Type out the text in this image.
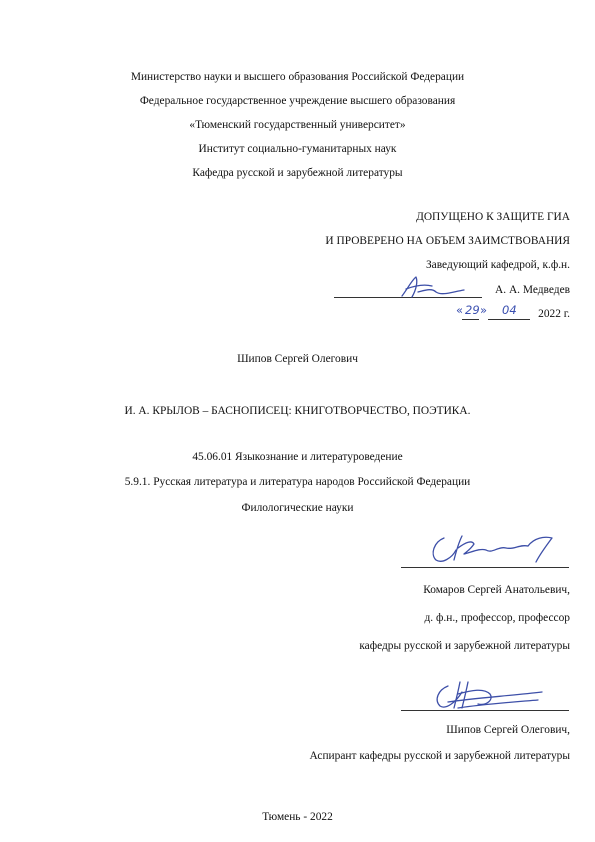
Министерство науки и высшего образования Российской Федерации
Федеральное государственное учреждение высшего образования
«Тюменский государственный университет»
Институт социально-гуманитарных наук
Кафедра русской и зарубежной литературы
ДОПУЩЕНО К ЗАЩИТЕ ГИА
И ПРОВЕРЕНО НА ОБЪЕМ ЗАИМСТВОВАНИЯ
Заведующий кафедрой, к.ф.н.
А. А. Медведев
« 29 » 04 2022 г.
Шипов Сергей Олегович
И. А. КРЫЛОВ – БАСНОПИСЕЦ: КНИГОТВОРЧЕСТВО, ПОЭТИКА.
45.06.01 Языкознание и литературоведение
5.9.1. Русская литература и литература народов Российской Федерации
Филологические науки
Комаров Сергей Анатольевич,
д. ф.н., профессор, профессор
кафедры русской и зарубежной литературы
Шипов Сергей Олегович,
Аспирант кафедры русской и зарубежной литературы
Тюмень - 2022
